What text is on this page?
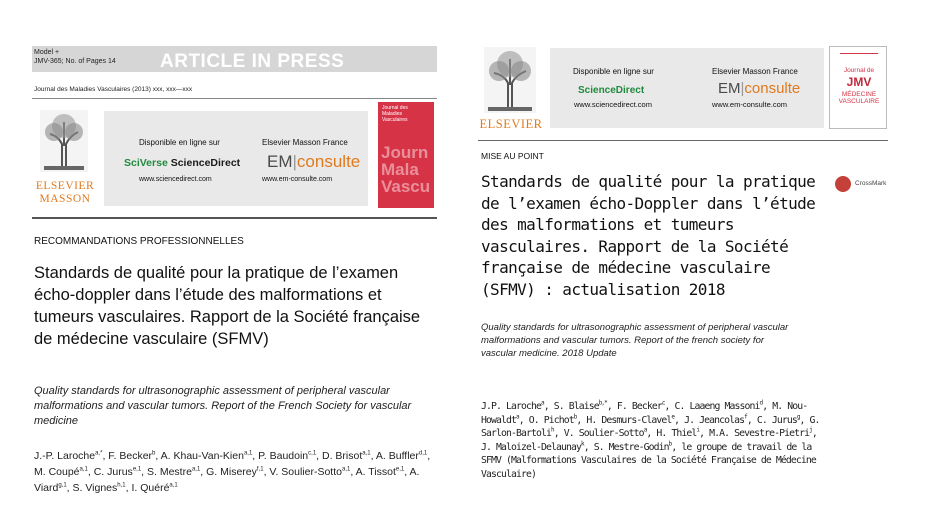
Model +
JMV-365; No. of Pages 14 ARTICLE IN PRESS
Journal des Maladies Vasculaires (2013) xxx, xxx—xxx
ELSEVIER
MASSON
Disponible en ligne sur
SciVerse ScienceDirect
www.sciencedirect.com
Elsevier Masson France
EM|consulte
www.em-consulte.com
Journal des
Maladies
Vasculaires
Journ
Mala
Vascu
RECOMMANDATIONS PROFESSIONNELLES
Standards de qualité pour la pratique de l’examen écho-doppler dans l’étude des malformations et tumeurs vasculaires. Rapport de la Société française de médecine vasculaire (SFMV)
Quality standards for ultrasonographic assessment of peripheral vascular malformations and vascular tumors. Report of the French Society for vascular medicine
J.-P. Laroche$^{a,*}$, F. Becker$^b$, A. Khau-Van-Kien$^{a,1}$, P. Baudoin$^{c,1}$, D. Brisot$^{a,1}$, A. Buffler$^{d,1}$, M. Coupé$^{a,1}$, C. Jurus$^{e,1}$, S. Mestre$^{a,1}$, G. Miserey$^{f,1}$, V. Soulier-Sotto$^{a,1}$, A. Tissot$^{e,1}$, A. Viard$^{g,1}$, S. Vignes$^{h,1}$, I. Quéré$^{a,1}$
ELSEVIER
Disponible en ligne sur
ScienceDirect
www.sciencedirect.com
Elsevier Masson France
EM|consulte
www.em-consulte.com
Journal de
JMV
MÉDECINE
VASCULAIRE
MISE AU POINT
Standards de qualité pour la pratique de l’examen écho-Doppler dans l’étude des malformations et tumeurs vasculaires. Rapport de la Société française de médecine vasculaire (SFMV) : actualisation 2018
CrossMark
Quality standards for ultrasonographic assessment of peripheral vascular malformations and vascular tumors. Report of the french society for vascular medicine. 2018 Update
J.P. Laroche$^a$, S. Blaise$^{b,*}$, F. Becker$^c$, C. Laaeng Massoni$^d$, M. Nou-Howaldt$^a$, O. Pichot$^b$, H. Desmurs-Clavel$^e$, J. Jeancolas$^f$, C. Jurus$^g$, G. Sarlon-Bartoli$^h$, V. Soulier-Sotto$^a$, H. Thiel$^i$, M.A. Sevestre-Pietri$^j$, J. Maloizel-Delaunay$^k$, S. Mestre-Godin$^b$, le groupe de travail de la SFMV (Malformations Vasculaires de la Société Française de Médecine Vasculaire)
